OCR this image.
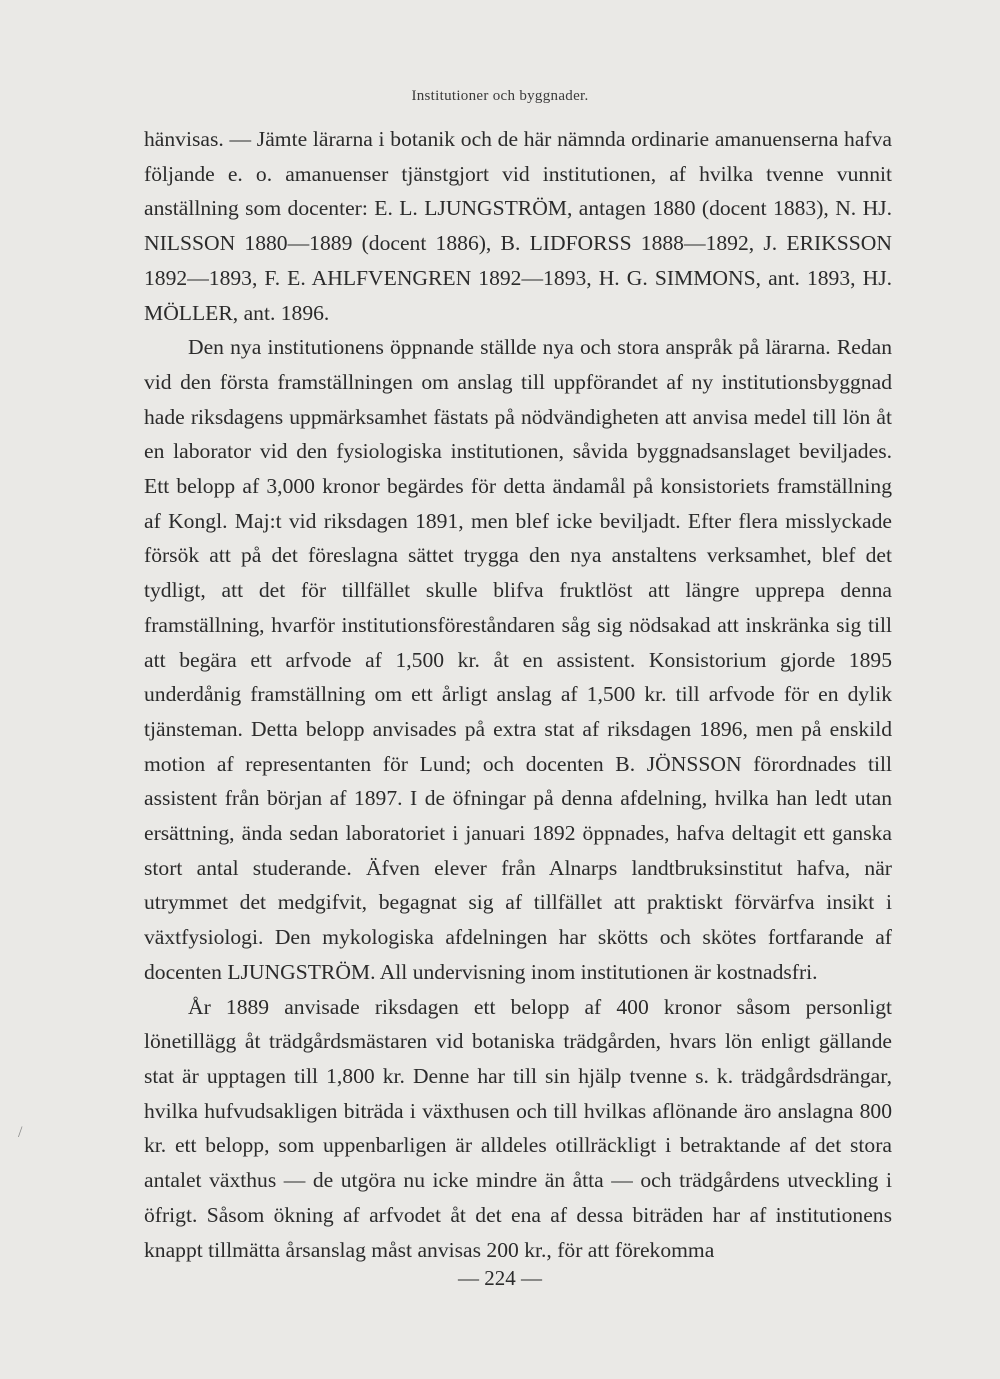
Institutioner och byggnader.

hänvisas. — Jämte lärarna i botanik och de här nämnda ordinarie amanuenserna hafva följande e. o. amanuenser tjänstgjort vid institutionen, af hvilka tvenne vunnit anställning som docenter: E. L. LJUNGSTRÖM, antagen 1880 (docent 1883), N. HJ. NILSSON 1880—1889 (docent 1886), B. LIDFORSS 1888—1892, J. ERIKSSON 1892—1893, F. E. AHLFVENGREN 1892—1893, H. G. SIMMONS, ant. 1893, HJ. MÖLLER, ant. 1896.

Den nya institutionens öppnande ställde nya och stora anspråk på lärarna. Redan vid den första framställningen om anslag till uppförandet af ny institutionsbyggnad hade riksdagens uppmärksamhet fästats på nödvändigheten att anvisa medel till lön åt en laborator vid den fysiologiska institutionen, såvida byggnadsanslaget beviljades. Ett belopp af 3,000 kronor begärdes för detta ändamål på konsistoriets framställning af Kongl. Maj:t vid riksdagen 1891, men blef icke beviljadt. Efter flera misslyckade försök att på det föreslagna sättet trygga den nya anstaltens verksamhet, blef det tydligt, att det för tillfället skulle blifva fruktlöst att längre upprepa denna framställning, hvarför institutionsföreståndaren såg sig nödsakad att inskränka sig till att begära ett arfvode af 1,500 kr. åt en assistent. Konsistorium gjorde 1895 underdånig framställning om ett årligt anslag af 1,500 kr. till arfvode för en dylik tjänsteman. Detta belopp anvisades på extra stat af riksdagen 1896, men på enskild motion af representanten för Lund; och docenten B. JÖNSSON förordnades till assistent från början af 1897. I de öfningar på denna afdelning, hvilka han ledt utan ersättning, ända sedan laboratoriet i januari 1892 öppnades, hafva deltagit ett ganska stort antal studerande. Äfven elever från Alnarps landtbruksinstitut hafva, när utrymmet det medgifvit, begagnat sig af tillfället att praktiskt förvärfva insikt i växtfysiologi. Den mykologiska afdelningen har skötts och skötes fortfarande af docenten LJUNGSTRÖM. All undervisning inom institutionen är kostnadsfri.

År 1889 anvisade riksdagen ett belopp af 400 kronor såsom personligt lönetillägg åt trädgårdsmästaren vid botaniska trädgården, hvars lön enligt gällande stat är upptagen till 1,800 kr. Denne har till sin hjälp tvenne s. k. trädgårdsdrängar, hvilka hufvudsakligen biträda i växthusen och till hvilkas aflönande äro anslagna 800 kr. ett belopp, som uppenbarligen är alldeles otillräckligt i betraktande af det stora antalet växthus — de utgöra nu icke mindre än åtta — och trädgårdens utveckling i öfrigt. Såsom ökning af arfvodet åt det ena af dessa biträden har af institutionens knappt tillmätta årsanslag måst anvisas 200 kr., för att förekomma

/
— 224 —
